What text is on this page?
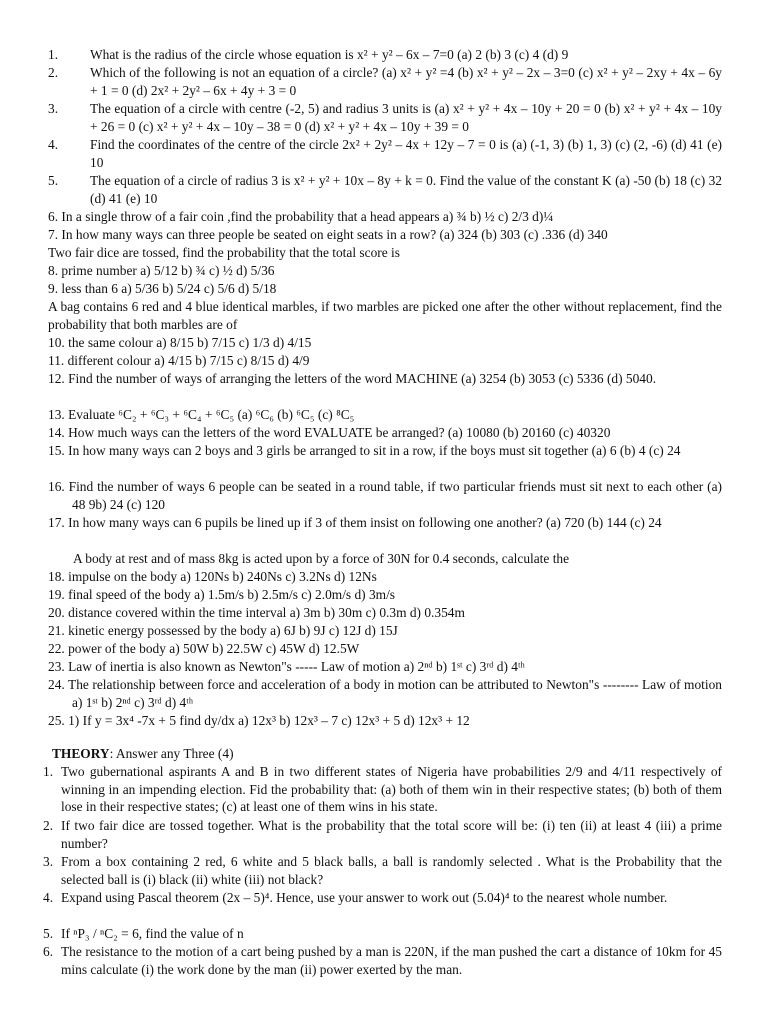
1.	What is the radius of the circle whose equation is x² + y² – 6x – 7=0 (a) 2 (b) 3 (c) 4 (d) 9
2.	Which of the following is not an equation of a circle? (a) x² + y² =4 (b) x² + y² – 2x – 3=0 (c) x² + y² – 2xy + 4x – 6y + 1 = 0 (d) 2x² + 2y² – 6x + 4y + 3 = 0
3.	The equation of a circle with centre (-2, 5) and radius 3 units is (a) x² + y² + 4x – 10y + 20 = 0 (b) x² + y² + 4x – 10y + 26 = 0 (c) x² + y² + 4x – 10y – 38 = 0 (d) x² + y² + 4x – 10y + 39 = 0
4.	Find the coordinates of the centre of the circle 2x² + 2y² – 4x + 12y – 7 = 0 is (a) (-1, 3) (b) 1, 3) (c) (2, -6) (d) 41 (e) 10
5.	The equation of a circle of radius 3 is x² + y² + 10x – 8y + k = 0. Find the value of the constant K (a) -50 (b) 18 (c) 32 (d) 41 (e) 10
6. In a single throw of a fair coin ,find the probability that a head appears a) ¾ b) ½ c) 2/3 d)¼
7. In how many ways can three people be seated on eight seats in a row? (a) 324 (b) 303 (c) .336 (d) 340
Two fair dice are tossed, find the probability that the total score is
8. prime number a) 5/12 b) ¾ c) ½ d) 5/36
9. less than 6 a) 5/36 b) 5/24 c) 5/6 d) 5/18
A bag contains 6 red and 4 blue identical marbles, if two marbles are picked one after the other without replacement, find the probability that both marbles are of
10. the same colour a) 8/15 b) 7/15 c) 1/3 d) 4/15
11. different colour a) 4/15 b) 7/15 c) 8/15 d) 4/9
12. Find the number of ways of arranging the letters of the word MACHINE (a) 3254 (b) 3053 (c) 5336 (d) 5040.
13. Evaluate ⁶C₂ + ⁶C₃ + ⁶C₄ + ⁶C₅ (a) ⁶C₆ (b) ⁶C₅ (c) ⁸C₅
14. How much ways can the letters of the word EVALUATE be arranged? (a) 10080 (b) 20160 (c) 40320
15. In how many ways can 2 boys and 3 girls be arranged to sit in a row, if the boys must sit together (a) 6 (b) 4 (c) 24
16. Find the number of ways 6 people can be seated in a round table, if two particular friends must sit next to each other (a) 48 9b) 24 (c) 120
17. In how many ways can 6 pupils be lined up if 3 of them insist on following one another? (a) 720 (b) 144 (c) 24
A body at rest and of mass 8kg is acted upon by a force of 30N for 0.4 seconds, calculate the
18. impulse on the body a) 120Ns b) 240Ns c) 3.2Ns d) 12Ns
19. final speed of the body a) 1.5m/s b) 2.5m/s c) 2.0m/s d) 3m/s
20. distance covered within the time interval a) 3m b) 30m c) 0.3m d) 0.354m
21. kinetic energy possessed by the body a) 6J b) 9J c) 12J d) 15J
22. power of the body a) 50W b) 22.5W c) 45W d) 12.5W
23. Law of inertia is also known as Newton"s ----- Law of motion a) 2ⁿᵈ b) 1ˢᵗ c) 3ʳᵈ d) 4ᵗʰ
24. The relationship between force and acceleration of a body in motion can be attributed to Newton"s -------- Law of motion a) 1ˢᵗ b) 2ⁿᵈ c) 3ʳᵈ d) 4ᵗʰ
25. 1) If y = 3x⁴ -7x + 5 find dy/dx a) 12x³ b) 12x³ – 7 c) 12x³ + 5 d) 12x³ + 12
THEORY: Answer any Three (4)
1. Two gubernational aspirants A and B in two different states of Nigeria have probabilities 2/9 and 4/11 respectively of winning in an impending election. Fid the probability that: (a) both of them win in their respective states; (b) both of them lose in their respective states; (c) at least one of them wins in his state.
2. If two fair dice are tossed together. What is the probability that the total score will be: (i) ten (ii) at least 4 (iii) a prime number?
3. From a box containing 2 red, 6 white and 5 black balls, a ball is randomly selected . What is the Probability that the selected ball is (i) black (ii) white (iii) not black?
4. Expand using Pascal theorem (2x – 5)⁴. Hence, use your answer to work out (5.04)⁴ to the nearest whole number.
5. If ⁿP₃ / ⁿC₂ = 6, find the value of n
6. The resistance to the motion of a cart being pushed by a man is 220N, if the man pushed the cart a distance of 10km for 45 mins calculate (i) the work done by the man (ii) power exerted by the man.
